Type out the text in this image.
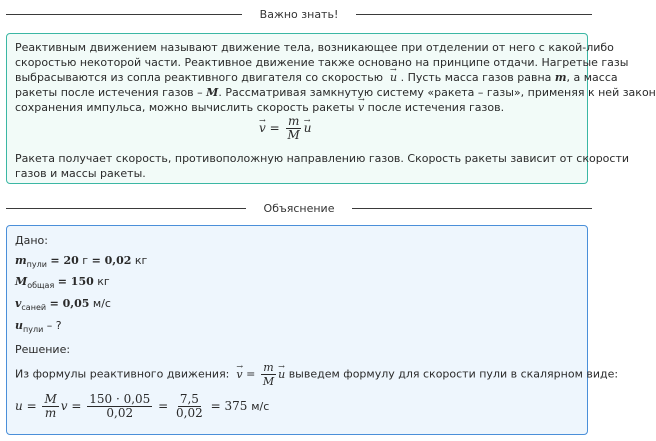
Важно знать!
Реактивным движением называют движение тела, возникающее при отделении от него с какой-либо
скоростью некоторой части. Реактивное движение также основано на принципе отдачи. Нагретые газы
выбрасываются из сопла реактивного двигателя со скоростью  → u . Пусть масса газов равна m, а масса
ракеты после истечения газов – M. Рассматривая замкнутую систему «ракета – газы», применяя к ней закон
сохранения импульса, можно вычислить скорость ракеты → v после истечения газов.
→ $v = \frac{m}{M}$
→ u
Ракета получает скорость, противоположную направлению газов. Скорость ракеты зависит от скорости
газов и массы ракеты.
Объяснение
Дано:
$m_{пули} = 20$ г = 0,02 кг
$M_{общая} = 150$ кг
$v_{саней} = 0,05$ м/с
$u_{пули}$ – ?
Решение:
Из формулы реактивного движения:  → $v = \frac{m}{M}$
→ u выведем формулу для скорости пули в скалярном виде:
$u = \frac{M}{m}$ $v = \frac{150 \cdot 0,05}{0,02} = \frac{7,5}{0,02} = 375$ м/с
